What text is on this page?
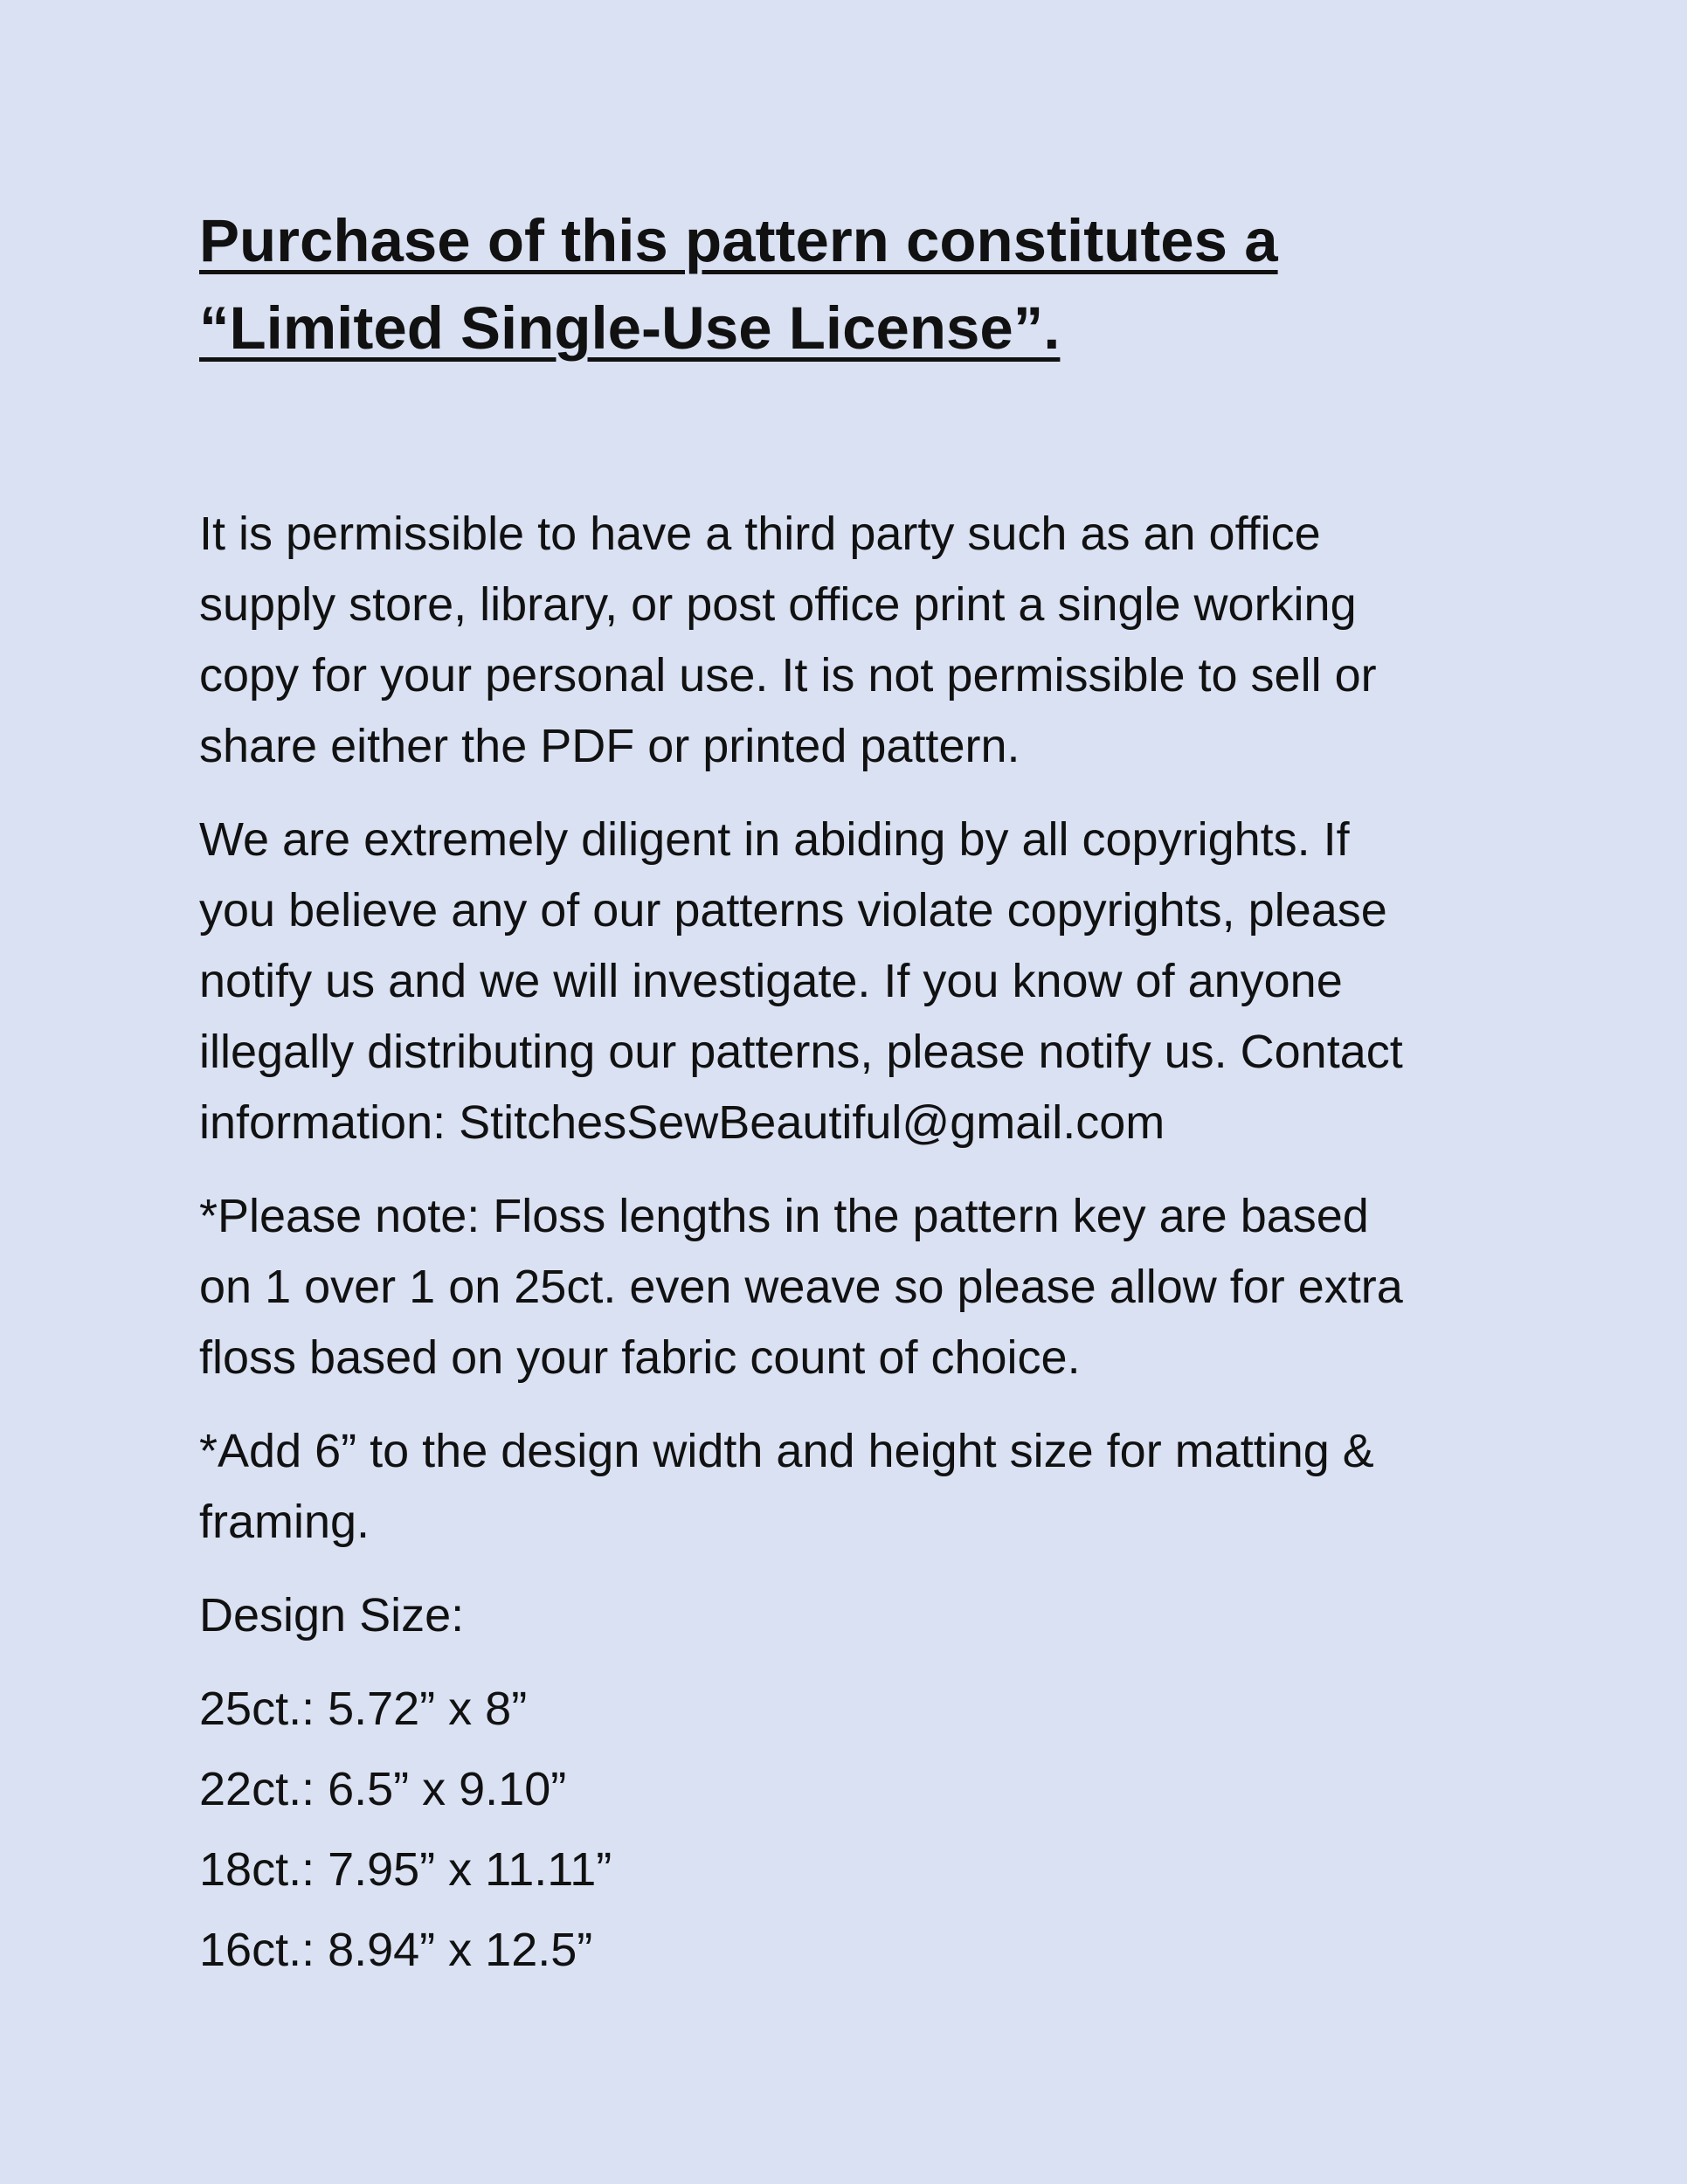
Purchase of this pattern constitutes a
“Limited Single-Use License”.

It is permissible to have a third party such as an office
supply store, library, or post office print a single working
copy for your personal use. It is not permissible to sell or
share either the PDF or printed pattern.

We are extremely diligent in abiding by all copyrights. If
you believe any of our patterns violate copyrights, please
notify us and we will investigate. If you know of anyone
illegally distributing our patterns, please notify us. Contact
information: StitchesSewBeautiful@gmail.com

*Please note: Floss lengths in the pattern key are based
on 1 over 1 on 25ct. even weave so please allow for extra
floss based on your fabric count of choice.

*Add 6” to the design width and height size for matting &
framing.

Design Size:

25ct.: 5.72” x 8”
22ct.: 6.5” x 9.10”
18ct.: 7.95” x 11.11”
16ct.: 8.94” x 12.5”
